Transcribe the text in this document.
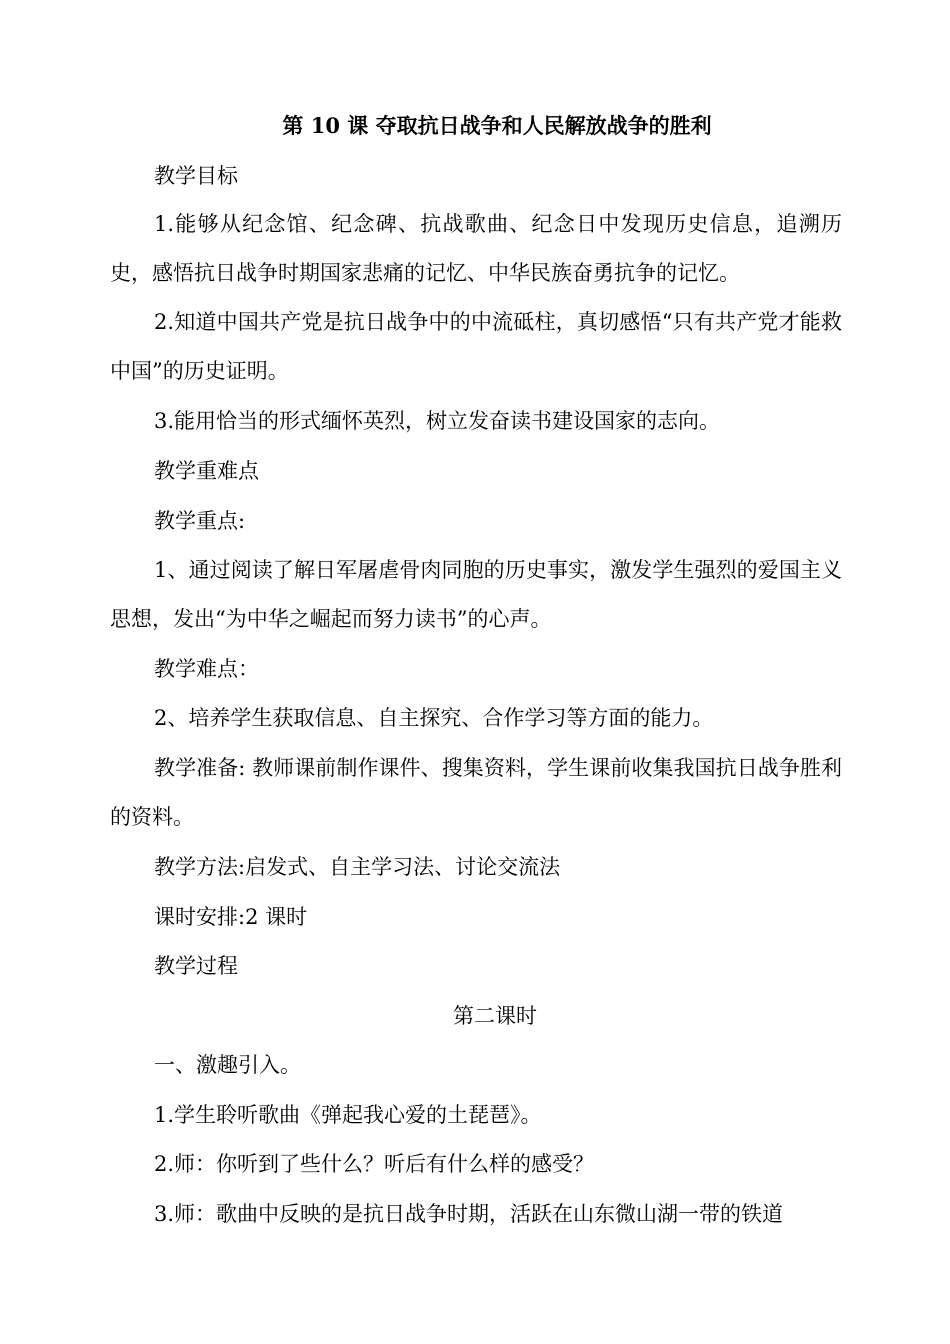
第 10 课 夺取抗日战争和人民解放战争的胜利

教学目标

1.能够从纪念馆、纪念碑、抗战歌曲、纪念日中发现历史信息，追溯历史，感悟抗日战争时期国家悲痛的记忆、中华民族奋勇抗争的记忆。

2.知道中国共产党是抗日战争中的中流砥柱，真切感悟“只有共产党才能救中国”的历史证明。

3.能用恰当的形式缅怀英烈，树立发奋读书建设国家的志向。

教学重难点

教学重点:

1、通过阅读了解日军屠虐骨肉同胞的历史事实，激发学生强烈的爱国主义思想，发出“为中华之崛起而努力读书”的心声。

教学难点：

2、培养学生获取信息、自主探究、合作学习等方面的能力。

教学准备: 教师课前制作课件、搜集资料，学生课前收集我国抗日战争胜利的资料。

教学方法:启发式、自主学习法、讨论交流法

课时安排:2 课时

教学过程

第二课时

一、激趣引入。

1.学生聆听歌曲《弹起我心爱的土琵琶》。

2.师：你听到了些什么？听后有什么样的感受？

3.师：歌曲中反映的是抗日战争时期，活跃在山东微山湖一带的铁道
